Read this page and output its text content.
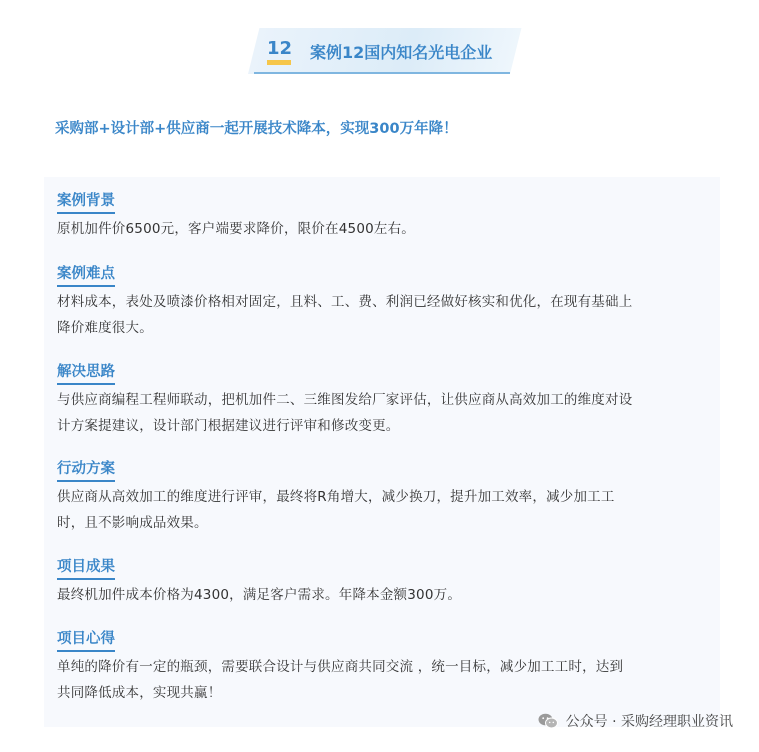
12 案例12国内知名光电企业
采购部+设计部+供应商一起开展技术降本，实现300万年降！
案例背景
原机加件价6500元，客户端要求降价，限价在4500左右。
案例难点
材料成本，表处及喷漆价格相对固定，且料、工、费、利润已经做好核实和优化，在现有基础上
降价难度很大。
解决思路
与供应商编程工程师联动，把机加件二、三维图发给厂家评估，让供应商从高效加工的维度对设
计方案提建议，设计部门根据建议进行评审和修改变更。
行动方案
供应商从高效加工的维度进行评审，最终将R角增大，减少换刀，提升加工效率，减少加工工
时，且不影响成品效果。
项目成果
最终机加件成本价格为4300，满足客户需求。年降本金额300万。
项目心得
单纯的降价有一定的瓶颈，需要联合设计与供应商共同交流 ，统一目标，减少加工工时，达到
共同降低成本，实现共赢！
公众号 · 采购经理职业资讯
